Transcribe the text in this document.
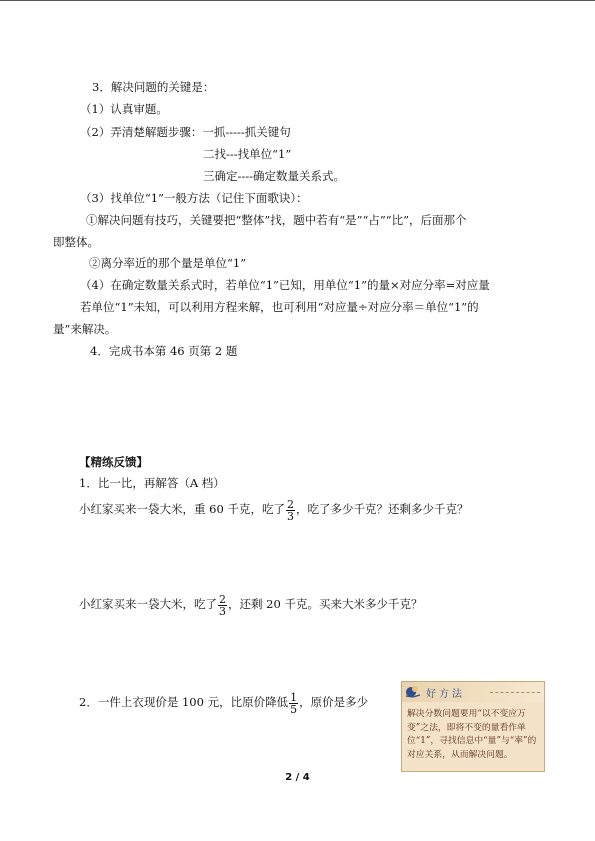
3．解决问题的关键是：
（1）认真审题。
（2）弄清楚解题步骤：一抓-----抓关键句
二找---找单位“1”
三确定----确定数量关系式。
（3）找单位“1”一般方法（记住下面歌诀）：
①解决问题有技巧，关键要把“整体”找，题中若有“是”“占”“比”，后面那个
即整体。
②离分率近的那个量是单位“1”
（4）在确定数量关系式时，若单位“1”已知，用单位“1”的量×对应分率=对应量
若单位“1”未知，可以利用方程来解，也可利用“对应量÷对应分率＝单位“1”的
量”来解决。
4．完成书本第 46 页第 2 题
【精练反馈】
1．比一比，再解答（A 档）
小红家买来一袋大米，重 60 千克，吃了 $\frac{2}{3}$ ，吃了多少千克？还剩多少千克？
小红家买来一袋大米，吃了 $\frac{2}{3}$ ，还剩 20 千克。买来大米多少千克？
2．一件上衣现价是 100 元，比原价降低 $\frac{1}{5}$ ，原价是多少
好方法
解决分数问题要用“以不变应万变”之法，即将不变的量看作单位“1”，寻找信息中“量”与“率”的对应关系，从而解决问题。
2 / 4
